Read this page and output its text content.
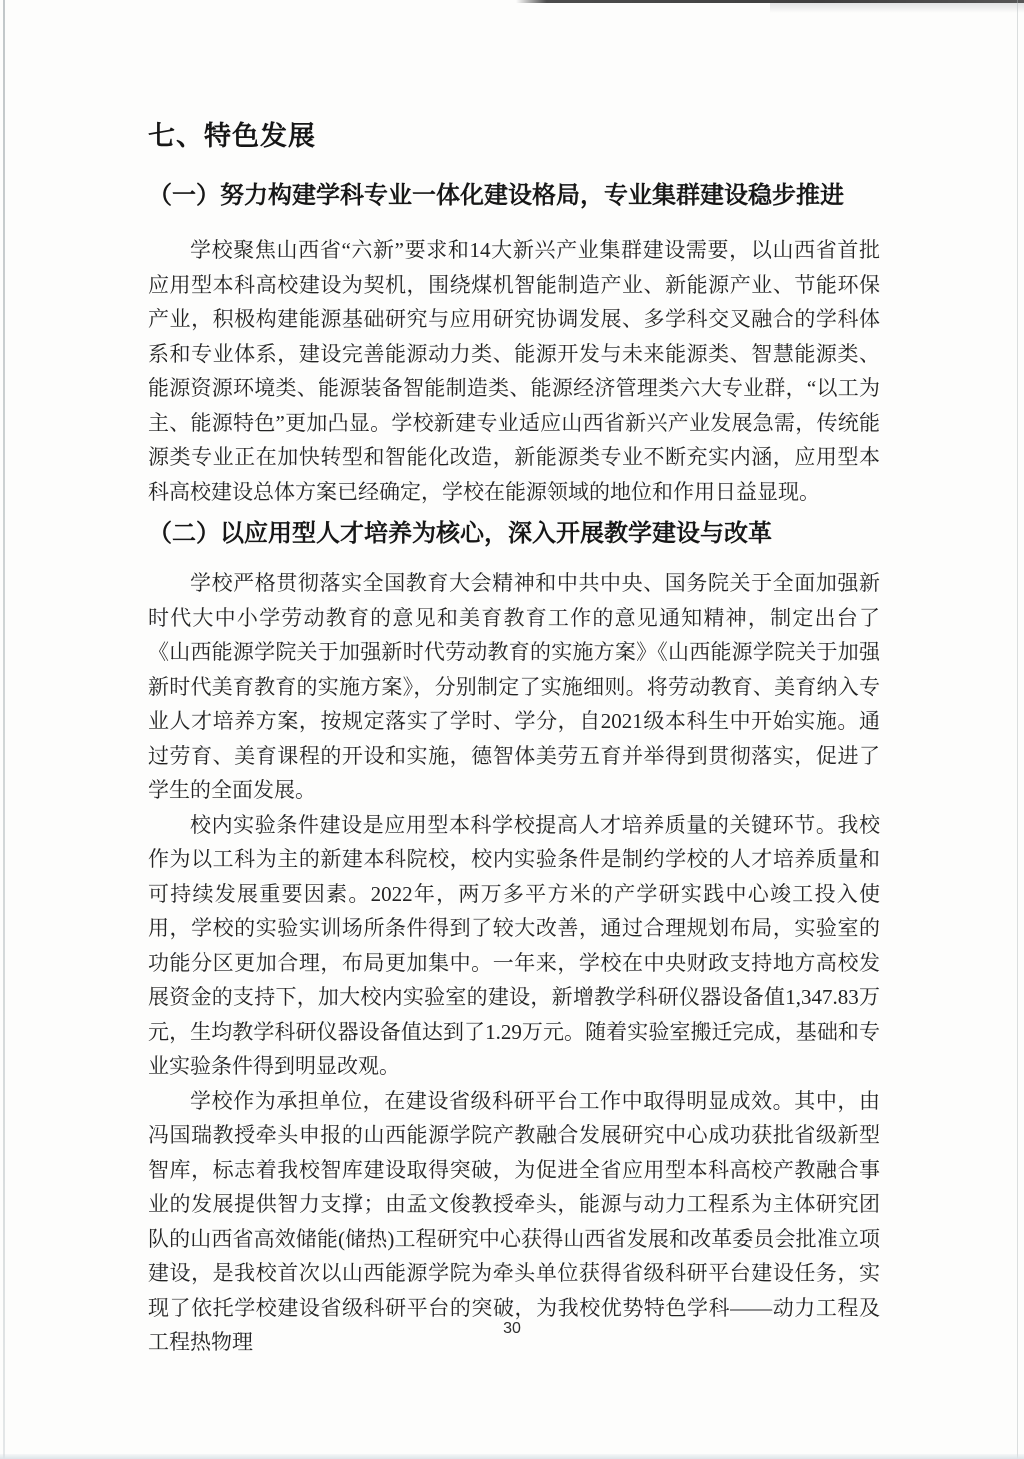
七、特色发展
（一）努力构建学科专业一体化建设格局，专业集群建设稳步推进

学校聚焦山西省“六新”要求和14大新兴产业集群建设需要，以山西省首批应用型本科高校建设为契机，围绕煤机智能制造产业、新能源产业、节能环保产业，积极构建能源基础研究与应用研究协调发展、多学科交叉融合的学科体系和专业体系，建设完善能源动力类、能源开发与未来能源类、智慧能源类、能源资源环境类、能源装备智能制造类、能源经济管理类六大专业群，“以工为主、能源特色”更加凸显。学校新建专业适应山西省新兴产业发展急需，传统能源类专业正在加快转型和智能化改造，新能源类专业不断充实内涵，应用型本科高校建设总体方案已经确定，学校在能源领域的地位和作用日益显现。

（二）以应用型人才培养为核心，深入开展教学建设与改革

学校严格贯彻落实全国教育大会精神和中共中央、国务院关于全面加强新时代大中小学劳动教育的意见和美育教育工作的意见通知精神，制定出台了《山西能源学院关于加强新时代劳动教育的实施方案》《山西能源学院关于加强新时代美育教育的实施方案》，分别制定了实施细则。将劳动教育、美育纳入专业人才培养方案，按规定落实了学时、学分，自2021级本科生中开始实施。通过劳育、美育课程的开设和实施，德智体美劳五育并举得到贯彻落实，促进了学生的全面发展。

校内实验条件建设是应用型本科学校提高人才培养质量的关键环节。我校作为以工科为主的新建本科院校，校内实验条件是制约学校的人才培养质量和可持续发展重要因素。2022年，两万多平方米的产学研实践中心竣工投入使用，学校的实验实训场所条件得到了较大改善，通过合理规划布局，实验室的功能分区更加合理，布局更加集中。一年来，学校在中央财政支持地方高校发展资金的支持下，加大校内实验室的建设，新增教学科研仪器设备值1,347.83万元，生均教学科研仪器设备值达到了1.29万元。随着实验室搬迁完成，基础和专业实验条件得到明显改观。

学校作为承担单位，在建设省级科研平台工作中取得明显成效。其中，由冯国瑞教授牵头申报的山西能源学院产教融合发展研究中心成功获批省级新型智库，标志着我校智库建设取得突破，为促进全省应用型本科高校产教融合事业的发展提供智力支撑；由孟文俊教授牵头，能源与动力工程系为主体研究团队的山西省高效储能(储热)工程研究中心获得山西省发展和改革委员会批准立项建设，是我校首次以山西能源学院为牵头单位获得省级科研平台建设任务，实现了依托学校建设省级科研平台的突破，为我校优势特色学科——动力工程及工程热物理

30
